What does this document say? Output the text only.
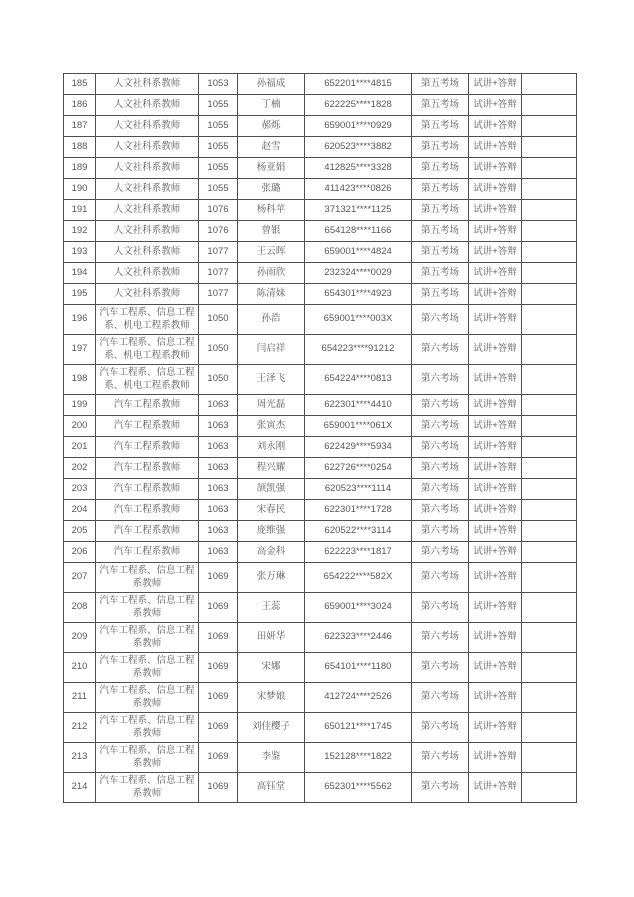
185	人文社科系教师	1053	孙福成	652201****4815	第五考场	试讲+答辩	
186	人文社科系教师	1055	丁楠	622225****1828	第五考场	试讲+答辩	
187	人文社科系教师	1055	郝烁	659001****0929	第五考场	试讲+答辩	
188	人文社科系教师	1055	赵雪	620523****3882	第五考场	试讲+答辩	
189	人文社科系教师	1055	杨亚娟	412825****3328	第五考场	试讲+答辩	
190	人文社科系教师	1055	张璐	411423****0826	第五考场	试讲+答辩	
191	人文社科系教师	1076	杨科苹	371321****1125	第五考场	试讲+答辩	
192	人文社科系教师	1076	曾银	654128****1166	第五考场	试讲+答辩	
193	人文社科系教师	1077	王云晖	659001****4824	第五考场	试讲+答辩	
194	人文社科系教师	1077	孙雨欣	232324****0029	第五考场	试讲+答辩	
195	人文社科系教师	1077	陈清妹	654301****4923	第五考场	试讲+答辩	
196	汽车工程系、信息工程系、机电工程系教师	1050	孙浩	659001****003X	第六考场	试讲+答辩	
197	汽车工程系、信息工程系、机电工程系教师	1050	闫启祥	654223****91212	第六考场	试讲+答辩	
198	汽车工程系、信息工程系、机电工程系教师	1050	王泽飞	654224****0813	第六考场	试讲+答辩	
199	汽车工程系教师	1063	周光磊	622301****4410	第六考场	试讲+答辩	
200	汽车工程系教师	1063	张寅杰	659001****061X	第六考场	试讲+答辩	
201	汽车工程系教师	1063	刘永刚	622429****5934	第六考场	试讲+答辩	
202	汽车工程系教师	1063	程兴耀	622726****0254	第六考场	试讲+答辩	
203	汽车工程系教师	1063	颉凯强	620523****1114	第六考场	试讲+答辩	
204	汽车工程系教师	1063	宋春民	622301****1728	第六考场	试讲+答辩	
205	汽车工程系教师	1063	庞维强	620522****3114	第六考场	试讲+答辩	
206	汽车工程系教师	1063	高金科	622223****1817	第六考场	试讲+答辩	
207	汽车工程系、信息工程系教师	1069	张万琳	654222****582X	第六考场	试讲+答辩	
208	汽车工程系、信息工程系教师	1069	王蕊	659001****3024	第六考场	试讲+答辩	
209	汽车工程系、信息工程系教师	1069	田妍华	622323****2446	第六考场	试讲+答辩	
210	汽车工程系、信息工程系教师	1069	宋娜	654101****1180	第六考场	试讲+答辩	
211	汽车工程系、信息工程系教师	1069	宋梦娘	412724****2526	第六考场	试讲+答辩	
212	汽车工程系、信息工程系教师	1069	刘佳樱子	650121****1745	第六考场	试讲+答辩	
213	汽车工程系、信息工程系教师	1069	李鉴	152128****1822	第六考场	试讲+答辩	
214	汽车工程系、信息工程系教师	1069	高钰堂	652301****5562	第六考场	试讲+答辩	
